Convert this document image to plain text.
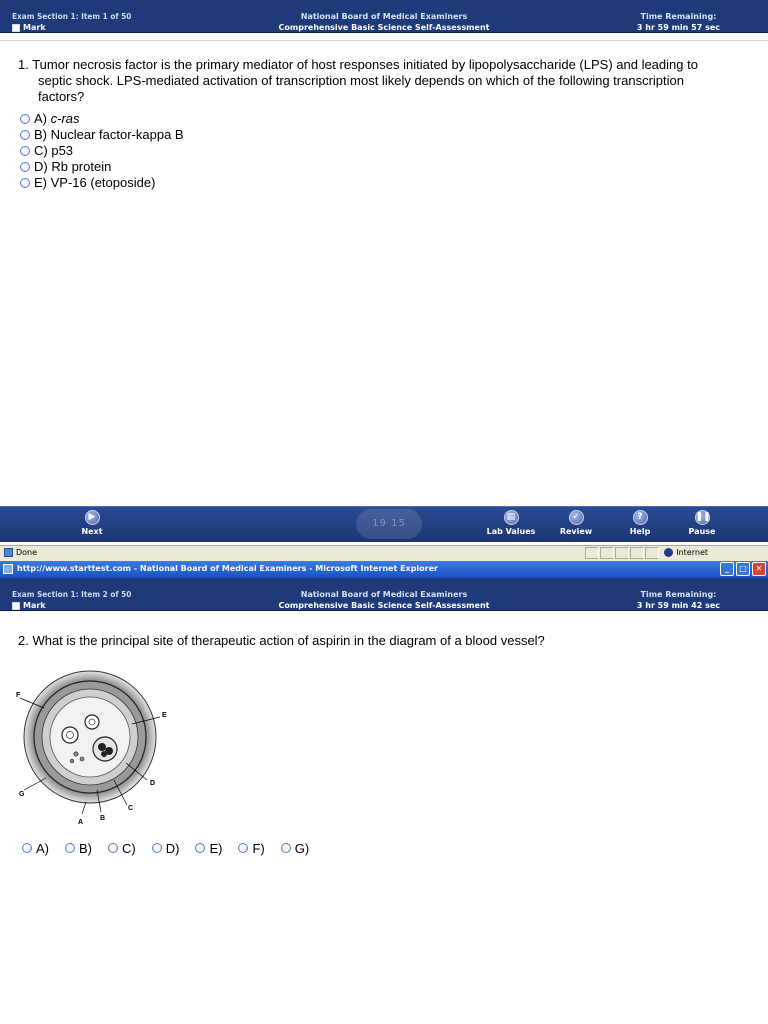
Exam Section 1: Item 1 of 50
Mark
National Board of Medical Examiners
Comprehensive Basic Science Self-Assessment
Time Remaining:
3 hr 59 min 57 sec
1. Tumor necrosis factor is the primary mediator of host responses initiated by lipopolysaccharide (LPS) and leading to septic shock. LPS-mediated activation of transcription most likely depends on which of the following transcription factors?
A)
c-ras
B)
Nuclear factor-kappa B
C)
p53
D)
Rb protein
E)
VP-16 (etoposide)
▶
Next
19 15
▤
Lab Values
✓
Review
?
Help
❚❚
Pause
Done	Internet
http://www.starttest.com - National Board of Medical Examiners - Microsoft Internet Explorer	_	□	✕
Exam Section 1: Item 2 of 50
Mark
National Board of Medical Examiners
Comprehensive Basic Science Self-Assessment
Time Remaining:
3 hr 59 min 42 sec
2. What is the principal site of therapeutic action of aspirin in the diagram of a blood vessel?
F
E
D
C
B
A
G
A) B) C) D) E) F) G)
